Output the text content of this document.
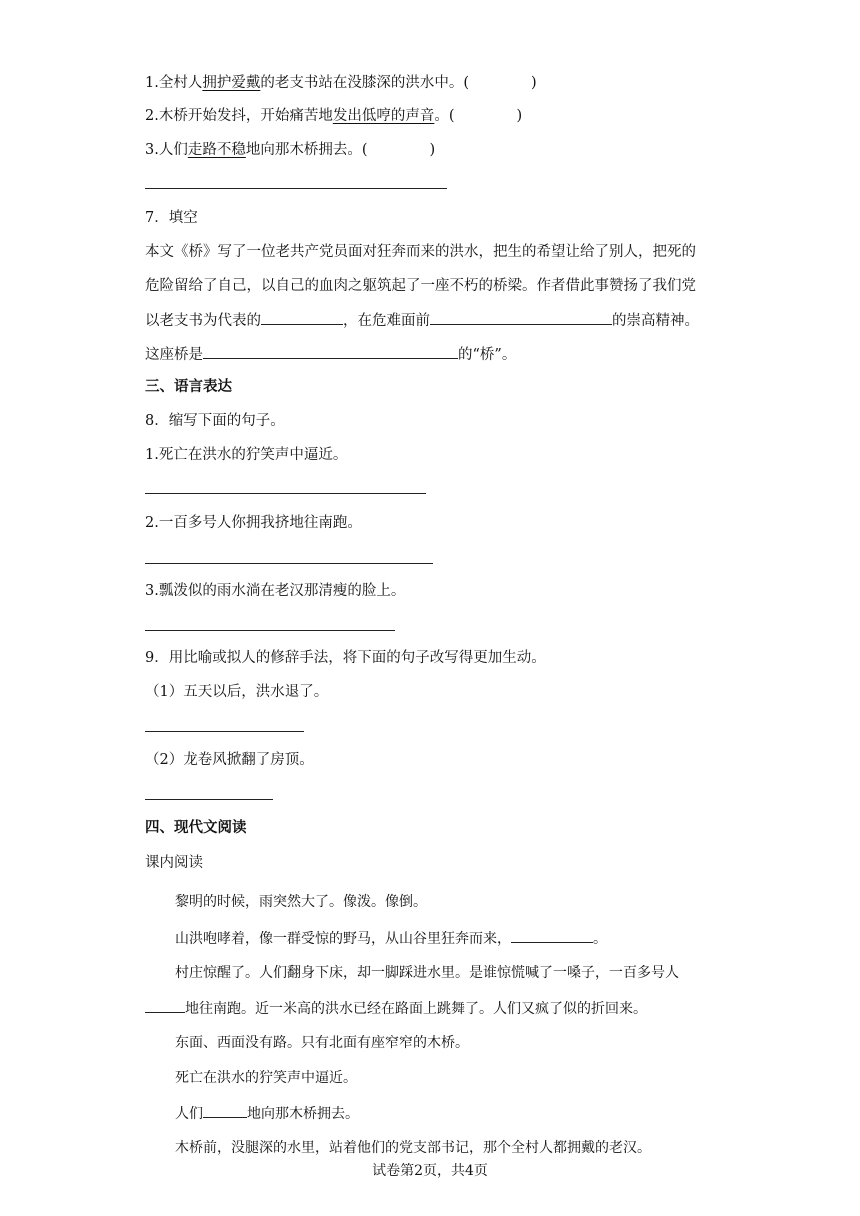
1.全村人拥护爱戴的老支书站在没膝深的洪水中。(	)
2.木桥开始发抖，开始痛苦地发出低哼的声音。(	)
3.人们走路不稳地向那木桥拥去。(	)
7．填空
本文《桥》写了一位老共产党员面对狂奔而来的洪水，把生的希望让给了别人，把死的
危险留给了自己，以自己的血肉之躯筑起了一座不朽的桥梁。作者借此事赞扬了我们党
以老支书为代表的	，在危难面前	的崇高精神。
这座桥是	的“桥”。
三、语言表达
8．缩写下面的句子。
1.死亡在洪水的狞笑声中逼近。
2.一百多号人你拥我挤地往南跑。
3.瓢泼似的雨水淌在老汉那清瘦的脸上。
9．用比喻或拟人的修辞手法，将下面的句子改写得更加生动。
（1）五天以后，洪水退了。
（2）龙卷风掀翻了房顶。
四、现代文阅读
课内阅读
黎明的时候，雨突然大了。像泼。像倒。
山洪咆哮着，像一群受惊的野马，从山谷里狂奔而来，	。
村庄惊醒了。人们翻身下床，却一脚踩进水里。是谁惊慌喊了一嗓子，一百多号人
地往南跑。近一米高的洪水已经在路面上跳舞了。人们又疯了似的折回来。
东面、西面没有路。只有北面有座窄窄的木桥。
死亡在洪水的狞笑声中逼近。
人们	地向那木桥拥去。
木桥前，没腿深的水里，站着他们的党支部书记，那个全村人都拥戴的老汉。
试卷第2页，共4页
